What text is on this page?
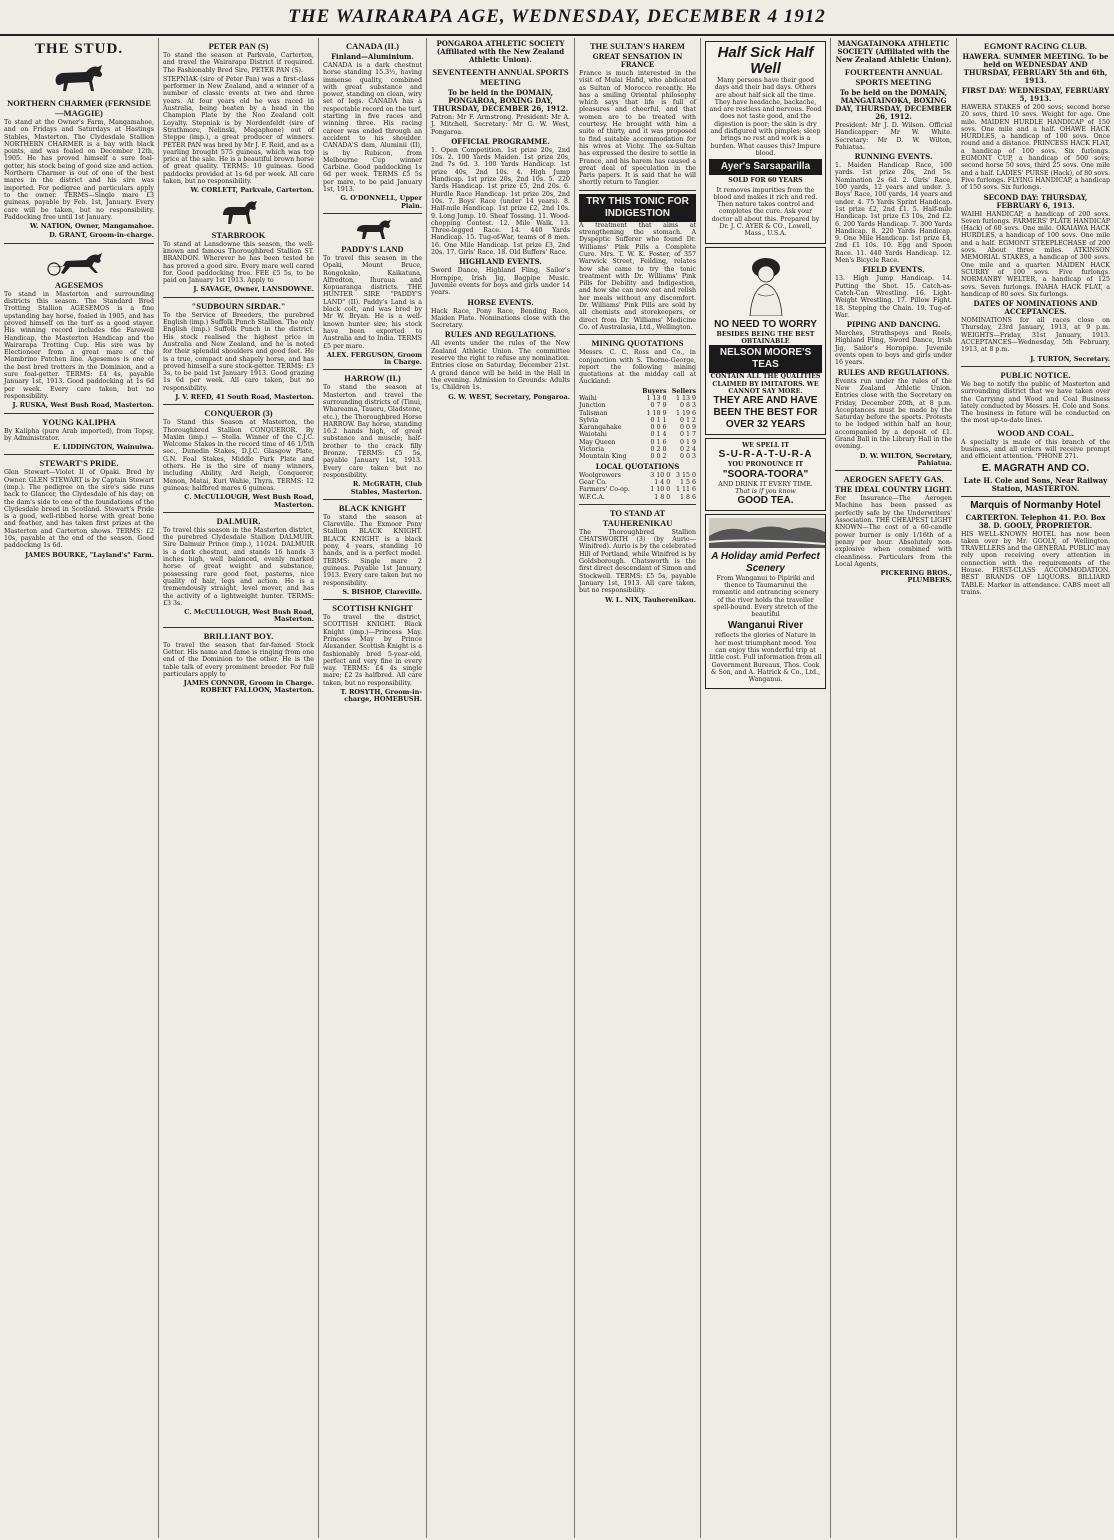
THE WAIRARAPA AGE, WEDNESDAY, DECEMBER 4 1912
THE STUD.
NORTHERN CHARMER (FERNSIDE—MAGGIE)

To stand at the Owner's Farm, Mangamahoe, and on Fridays and Saturdays at Hastings Stables, Masterton. The Clydesdale Stallion NORTHERN CHARMER is a bay with black points, and was foaled on December 12th, 1905. He has proved himself a sure foal-getter, his stock being of good size and action. Northern Charmer is out of one of the best mares in the district and his sire was imported. For pedigree and particulars apply to the owner. TERMS—Single mare £3 guineas, payable by Feb. 1st, January. Every care will be taken, but no responsibility. Paddocking free until 1st January.

W. NATION, Owner, Mangamahoe.

D. GRANT, Groom-in-charge.

AGESEMOS

To stand in Masterton and surrounding districts this season. The Standard Bred Trotting Stallion AGESEMOS is a fine upstanding bay horse, foaled in 1905, and has proved himself on the turf as a good stayer. His winning record includes the Farewell Handicap, the Masterton Handicap and the Wairarapa Trotting Cup. His sire was by Electioneer from a great mare of the Mambrino Patchen line. Agesemos is one of the best bred trotters in the Dominion, and a sure foal-getter. TERMS: £4 4s, payable January 1st, 1913. Good paddocking at 1s 6d per week. Every care taken, but no responsibility.

J. RUSKA, West Bush Road, Masterton.

YOUNG KALIPHA

By Kalipha (pure Arab imported), from Topsy, by Administrator.

E. LIDDINGTON, Wainuiwa.

STEWART'S PRIDE.

Glen Stewart—Violet II of Opaki. Bred by Owner. GLEN STEWART is by Captain Stewart (imp.). The pedigree on the sire's side runs back to Glancer, the Clydesdale of his day; on the dam's side to one of the foundations of the Clydesdale breed in Scotland. Stewart's Pride is a good, well-ribbed horse with great bone and feather, and has taken first prizes at the Masterton and Carterton shows. TERMS: £2 10s, payable at the end of the season. Good paddocking 1s 6d.

JAMES BOURKE, "Layland's" Farm.

PETER PAN (S)

To stand the season at Parkvale, Carterton, and travel the Wairarapa District if required. The Fashionably Bred Sire, PETER PAN (S).

STEPNIAK (sire of Peter Pan) was a first-class performer in New Zealand, and a winner of a number of classic events at two and three years. At four years old he was raced in Australia, being beaten by a head in the Champion Plate by the Noo Zealand colt Loyalty. Stepniak is by Nordenfeldt (sire of Strathmore, Nelinski, Megaphone) out of Steppe (imp.), a great producer of winners. PETER PAN was bred by Mr J. F. Reid, and as a yearling brought 575 guineas, which was top price at the sale. He is a beautiful brown horse of great quality. TERMS: 10 guineas. Good paddocks provided at 1s 6d per week. All care taken, but no responsibility.

W. CORLETT, Parkvale, Carterton.

STARBROOK

To stand at Lansdowne this season, the well-known and famous Thoroughbred Stallion ST. BRANDON. Wherever he has been tested he has proved a good sire. Every mare well cared for. Good paddocking free. FEE £5 5s, to be paid on January 1st 1913. Apply to

J. SAVAGE, Owner, LANSDOWNE.

"SUDBOURN SIRDAR."

To the Service of Breeders, the purebred English (imp.) Suffolk Punch Stallion. The only English (imp.) Suffolk Punch in the district. His stock realised the highest price in Australia and New Zealand, and he is noted for their splendid shoulders and good feet. He is a true, compact and shapely horse, and has proved himself a sure stock-getter. TERMS: £3 3s, to be paid 1st January 1913. Good grazing 1s 6d per week. All care taken, but no responsibility.

J. V. REED, 41 South Road, Masterton.

CONQUEROR (3)

To Stand this Season at Masterton, the Thoroughbred Stallion CONQUEROR. By Maxim (imp.) — Stella. Winner of the C.J.C. Welcome Stakes in the record time of 46 1/5th sec., Dunedin Stakes, D.J.C. Glasgow Plate, G.N. Foal Stakes, Middle Park Plate and others. He is the sire of many winners, including Ability, Ard Reigh, Conqueror, Menon, Matai, Kuri Wahie, Thyra. TERMS: 12 guineas; halfbred mares 6 guineas.

C. McCULLOUGH, West Bush Road, Masterton.

DALMUIR.

To travel this season in the Masterton district, the purebred Clydesdale Stallion DALMUIR. Sire Dalmuir Prince (imp.), 11024. DALMUIR is a dark chestnut, and stands 16 hands 3 inches high, well balanced, evenly marked horse of great weight and substance, possessing rare good feet, pasterns, nice quality of hair, legs and action. He is a tremendously straight, level mover, and has the activity of a lightweight hunter. TERMS: £3 3s.

C. McCULLOUGH, West Bush Road, Masterton.

BRILLIANT BOY.

To travel the season that far-famed Stock Getter. His name and fame is ringing from one end of the Dominion to the other. He is the table talk of every prominent breeder. For full particulars apply to

JAMES CONNOR, Groom in Charge. ROBERT FALLOON, Masterton.

CANADA (II.)
Finland—Aluminium.

CANADA is a dark chestnut horse standing 15.3½, having immense quality, combined with great substance and power, standing on clean, wiry set of legs. CANADA has a respectable record on the turf, starting in five races and winning three. His racing career was ended through an accident to his shoulder. CANADA'S dam, Aluminii (II), is by Rubicon, from Melbourne Cup winner Carbine. Good paddocking 1s 6d per week. TERMS £5 5s per mare, to be paid January 1st, 1913.

G. O'DONNELL, Upper Plain.

PADDY'S LAND

To travel this season in the Opaki, Mount Bruce, Rongokako, Kaikatuna, Alfredton, Ihuraua and Kopuaranga districts. THE HUNTER SIRE "PADDY'S LAND" (II). Paddy's Land is a black colt, and was bred by Mr W. Bryan. He is a well-known hunter sire; his stock have been exported to Australia and to India. TERMS £5 per mare.

ALEX. FERGUSON, Groom in Charge.

HARROW (II.)

To stand the season at Masterton and travel the surrounding districts of (Tinui, Whareama, Taueru, Gladstone, etc.), the Thoroughbred Horse HARROW. Bay horse, standing 16.2 hands high, of great substance and muscle; half-brother to the crack filly Bronze. TERMS: £5 5s, payable January 1st, 1913. Every care taken but no responsibility.

R. McGRATH, Club Stables, Masterton.

BLACK KNIGHT

To stand the season at Clareville. The Exmoor Pony Stallion BLACK KNIGHT. BLACK KNIGHT is a black pony, 4 years, standing 10 hands, and is a perfect model. TERMS: Single mare 2 guineas. Payable 1st January, 1913. Every care taken but no responsibility.

S. BISHOP, Clareville.

SCOTTISH KNIGHT

To travel the district, SCOTTISH KNIGHT. Black Knight (imp.)—Princess May. Princess May by Prince Alexander. Scottish Knight is a fashionably bred 5-year-old, perfect and very fine in every way. TERMS: £4 4s single mare; £2 2s halfbred. All care taken, but no responsibility.

T. ROSYTH, Groom-in-charge, HOMEBUSH.

PONGAROA ATHLETIC SOCIETY (Affiliated with the New Zealand Athletic Union).
SEVENTEENTH ANNUAL SPORTS MEETING
To be held in the DOMAIN, PONGAROA, BOXING DAY, THURSDAY, DECEMBER 26, 1912.

Patron: Mr F. Armstrong. President: Mr A. J. Mitchell. Secretary: Mr G. W. West, Pongaroa.

OFFICIAL PROGRAMME.

1. Open Competition. 1st prize 20s, 2nd 10s. 2. 100 Yards Maiden. 1st prize 20s, 2nd 7s 6d. 3. 100 Yards Handicap. 1st prize 40s, 2nd 10s. 4. High Jump Handicap. 1st prize 20s, 2nd 10s. 5. 220 Yards Handicap. 1st prize £5, 2nd 20s. 6. Hurdle Race Handicap. 1st prize 20s, 2nd 10s. 7. Boys' Race (under 14 years). 8. Half-mile Handicap. 1st prize £2, 2nd 10s. 9. Long Jump. 10. Sheaf Tossing. 11. Wood-chopping Contest. 12. Mile Walk. 13. Three-legged Race. 14. 440 Yards Handicap. 15. Tug-of-War, teams of 8 men. 16. One Mile Handicap. 1st prize £3, 2nd 20s. 17. Girls' Race. 18. Old Buffers' Race.

HIGHLAND EVENTS.

Sword Dance, Highland Fling, Sailor's Hornpipe, Irish Jig, Bagpipe Music. Juvenile events for boys and girls under 14 years.

HORSE EVENTS.

Hack Race, Pony Race, Bending Race, Maiden Plate. Nominations close with the Secretary.

RULES AND REGULATIONS.

All events under the rules of the New Zealand Athletic Union. The committee reserve the right to refuse any nomination. Entries close on Saturday, December 21st. A grand dance will be held in the Hall in the evening. Admission to Grounds: Adults 1s, Children 1s.

G. W. WEST, Secretary, Pongaroa.

THE SULTAN'S HAREM
GREAT SENSATION IN FRANCE

France is much interested in the visit of Mulai Hafid, who abdicated as Sultan of Morocco recently. He has a smiling Oriental philosophy which says that life is full of pleasures and cheerful, and that women are to be treated with courtesy. He brought with him a suite of thirty, and it was proposed to find suitable accommodation for his wives at Vichy. The ex-Sultan has expressed the desire to settle in France, and his harem has caused a great deal of speculation in the Paris papers. It is said that he will shortly return to Tangier.

TRY THIS TONIC FOR INDIGESTION

A treatment that aims at strengthening the stomach. A Dyspeptic Sufferer who found Dr. Williams' Pink Pills a Complete Cure. Mrs. T. W. K. Foster, of 357 Warwick Street, Feilding, relates how she came to try the tonic treatment with Dr. Williams' Pink Pills for Debility and Indigestion, and how she can now eat and relish her meals without any discomfort. Dr. Williams' Pink Pills are sold by all chemists and storekeepers, or direct from Dr. Williams' Medicine Co. of Australasia, Ltd., Wellington.

MINING QUOTATIONS

Messrs. C. C. Ross and Co., in conjunction with S. Thorne-George, report the following mining quotations at the midday call at Auckland:

	Buyers	Sellers
Waihi	1 13 0	1 13 9
Junction	0 7 9	0 8 3
Talisman	1 18 9	1 19 6
Sylvia	0 1 1	0 1 2
Karangahake	0 0 6	0 0 9
Waiotahi	0 1 4	0 1 7
May Queen	0 1 6	0 1 9
Victoria	0 2 0	0 2 4
Mountain King	0 0 2	0 0 3
LOCAL QUOTATIONS
Woolgrowers	3 10 0	3 15 0
Gear Co.	1 4 0	1 5 6
Farmers' Co-op.	1 10 0	1 11 6
W.F.C.A.	1 8 0	1 8 6
TO STAND AT TAUHERENIKAU

The Thoroughbred Stallion CHATSWORTH (3) (by Aurio—Winifred). Aurio is by the celebrated Hill of Portland, while Winifred is by Goldsborough. Chatsworth is the first direct descendant of Simon and Stockwell. TERMS: £5 5s, payable January 1st, 1913. All care taken, but no responsibility.

W. L. NIX, Tauherenikau.

Half Sick Half Well

Many persons have their good days and their bad days. Others are about half sick all the time. They have headache, backache, and are restless and nervous. Food does not taste good, and the digestion is poor; the skin is dry and disfigured with pimples; sleep brings no rest and work is a burden. What causes this? Impure blood.

Ayer's Sarsaparilla
SOLD FOR 60 YEARS

It removes impurities from the blood and makes it rich and red. Then nature takes control and completes the cure. Ask your doctor all about this. Prepared by Dr. J. C. AYER & CO., Lowell, Mass., U.S.A.

NO NEED TO WORRY
BESIDES BEING THE BEST OBTAINABLE
NELSON MOORE'S TEAS
CONTAIN ALL THE QUALITIES CLAIMED BY IMITATORS. WE CANNOT SAY MORE.
THEY ARE AND HAVE BEEN THE BEST FOR OVER 32 YEARS
WE SPELL IT
S-U-R-A-T-U-R-A
YOU PRONOUNCE IT
"SOORA-TOORA"
AND DRINK IT EVERY TIME.
That is if you know
GOOD TEA.
A Holiday amid Perfect Scenery

From Wanganui to Pipiriki and thence to Taumarunui the romantic and entrancing scenery of the river holds the traveller spell-bound. Every stretch of the beautiful

Wanganui River

reflects the glories of Nature in her most triumphant mood. You can enjoy this wonderful trip at little cost. Full information from all Government Bureaux, Thos. Cook & Son, and A. Hatrick & Co., Ltd., Wanganui.

MANGATAINOKA ATHLETIC SOCIETY (Affiliated with the New Zealand Athletic Union).
FOURTEENTH ANNUAL SPORTS MEETING
To be held on the DOMAIN, MANGATAINOKA, BOXING DAY, THURSDAY, DECEMBER 26, 1912.

President: Mr J. D. Wilson. Official Handicapper: Mr W. White. Secretary: Mr D. W. Wilton, Pahiatua.

RUNNING EVENTS.

1. Maiden Handicap Race, 100 yards. 1st prize 20s, 2nd 5s. Nomination 2s 6d. 2. Girls' Race, 100 yards, 12 years and under. 3. Boys' Race, 100 yards, 14 years and under. 4. 75 Yards Sprint Handicap. 1st prize £2, 2nd £1. 5. Half-mile Handicap. 1st prize £3 10s, 2nd £2. 6. 200 Yards Handicap. 7. 300 Yards Handicap. 8. 220 Yards Handicap. 9. One Mile Handicap. 1st prize £4, 2nd £1 10s. 10. Egg and Spoon Race. 11. 440 Yards Handicap. 12. Men's Bicycle Race.

FIELD EVENTS.

13. High Jump Handicap. 14. Putting the Shot. 15. Catch-as-Catch-Can Wrestling. 16. Light-Weight Wrestling. 17. Pillow Fight. 18. Stepping the Chain. 19. Tug-of-War.

PIPING AND DANCING.

Marches, Strathspeys and Reels, Highland Fling, Sword Dance, Irish Jig, Sailor's Hornpipe. Juvenile events open to boys and girls under 16 years.

RULES AND REGULATIONS.

Events run under the rules of the New Zealand Athletic Union. Entries close with the Secretary on Friday, December 20th, at 8 p.m. Acceptances must be made by the Saturday before the sports. Protests to be lodged within half an hour, accompanied by a deposit of £1. Grand Ball in the Library Hall in the evening.

D. W. WILTON, Secretary, Pahiatua.

AEROGEN SAFETY GAS.
THE IDEAL COUNTRY LIGHT.

For Insurance—The Aerogen Machine has been passed as perfectly safe by the Underwriters' Association. THE CHEAPEST LIGHT KNOWN—The cost of a 60-candle power burner is only 1/16th of a penny per hour. Absolutely non-explosive when combined with cleanliness. Particulars from the Local Agents,

PICKERING BROS., PLUMBERS.

EGMONT RACING CLUB.
HAWERA. SUMMER MEETING. To be held on WEDNESDAY AND THURSDAY, FEBRUARY 5th and 6th, 1913.
FIRST DAY: WEDNESDAY, FEBRUARY 5, 1913.

HAWERA STAKES of 200 sovs; second horse 20 sovs, third 10 sovs. Weight for age. One mile. MAIDEN HURDLE HANDICAP of 150 sovs. One mile and a half. OHAWE HACK HURDLES, a handicap of 100 sovs. Once round and a distance. PRINCESS HACK FLAT, a handicap of 100 sovs. Six furlongs. EGMONT CUP, a handicap of 500 sovs; second horse 50 sovs, third 25 sovs. One mile and a half. LADIES' PURSE (Hack), of 80 sovs. Five furlongs. FLYING HANDICAP, a handicap of 150 sovs. Six furlongs.

SECOND DAY: THURSDAY, FEBRUARY 6, 1913.

WAIHI HANDICAP, a handicap of 200 sovs. Seven furlongs. FARMERS' PLATE HANDICAP (Hack) of 60 sovs. One mile. OKAIAWA HACK HURDLES, a handicap of 100 sovs. One mile and a half. EGMONT STEEPLECHASE of 200 sovs. About three miles. ATKINSON MEMORIAL STAKES, a handicap of 300 sovs. One mile and a quarter. MAIDEN HACK SCURRY of 100 sovs. Five furlongs. NORMANBY WELTER, a handicap of 125 sovs. Seven furlongs. INAHA HACK FLAT, a handicap of 80 sovs. Six furlongs.

DATES OF NOMINATIONS AND ACCEPTANCES.

NOMINATIONS for all races close on Thursday, 23rd January, 1913, at 9 p.m. WEIGHTS—Friday, 31st January, 1913. ACCEPTANCES—Wednesday, 5th February, 1913, at 8 p.m.

J. TURTON, Secretary.

PUBLIC NOTICE.

We beg to notify the public of Masterton and surrounding district that we have taken over the Carrying and Wood and Coal Business lately conducted by Messrs. H. Cole and Sons. The business in future will be conducted on the most up-to-date lines.

WOOD AND COAL.

A specialty is made of this branch of the business, and all orders will receive prompt and efficient attention. 'PHONE 271.

E. MAGRATH AND CO.
Late H. Cole and Sons, Near Railway Station, MASTERTON.
Marquis of Normanby Hotel
CARTERTON. Telephon 41. P.O. Box 38. D. GOOLY, PROPRIETOR.

HIS WELL-KNOWN HOTEL has now been taken over by Mr. GOOLY, of Wellington. TRAVELLERS and the GENERAL PUBLIC may rely upon receiving every attention in connection with the requirements of the House. FIRST-CLASS ACCOMMODATION. BEST BRANDS OF LIQUORS. BILLIARD TABLE: Marker in attendance. CABS meet all trains.
